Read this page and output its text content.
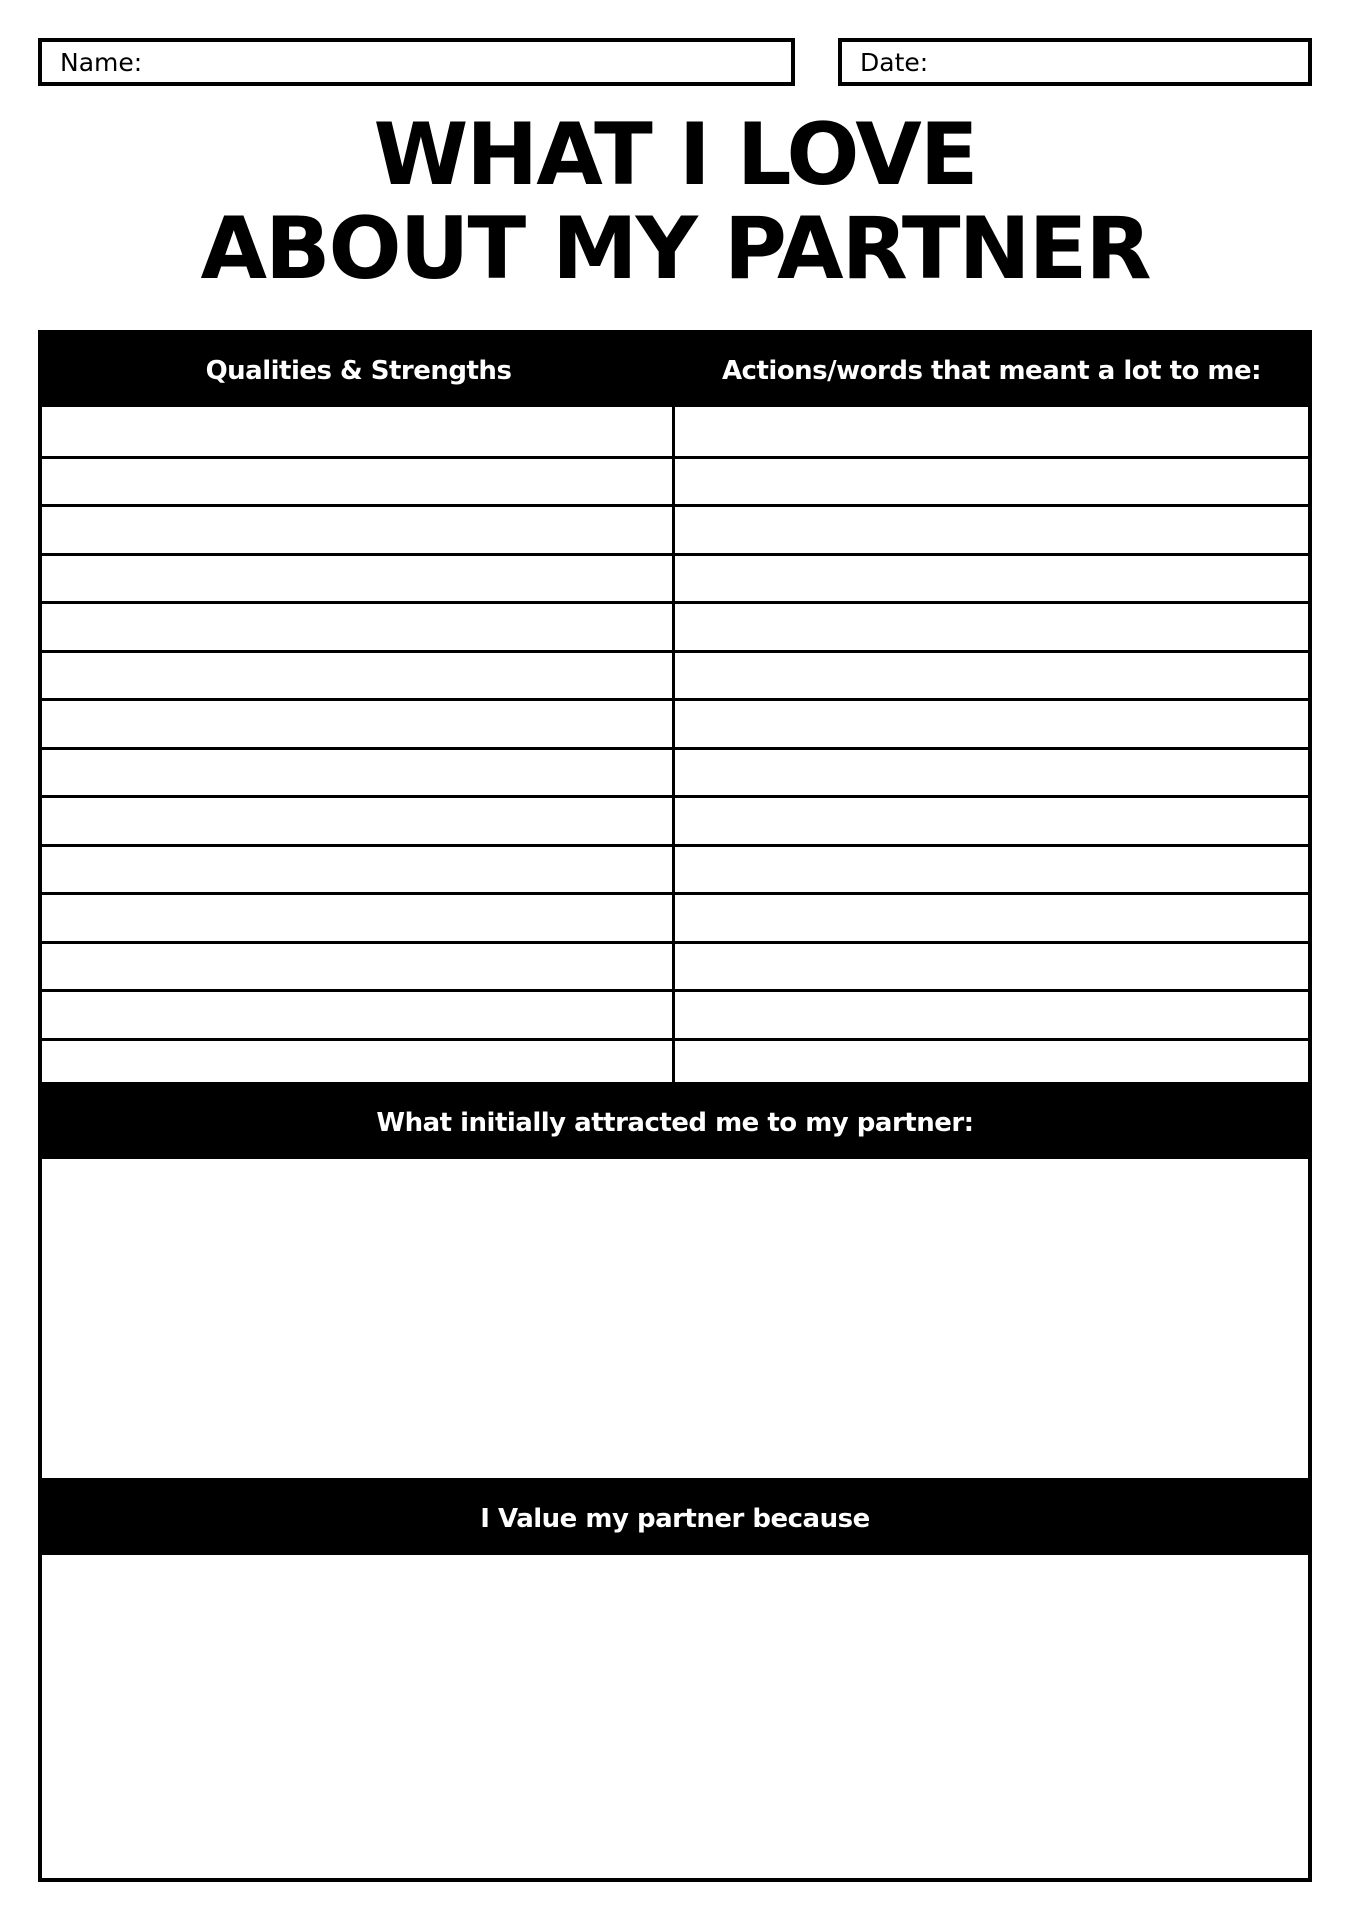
Name:	Date:
WHAT I LOVE
ABOUT MY PARTNER
Qualities & Strengths	Actions/words that meant a lot to me:
What initially attracted me to my partner:
I Value my partner because
